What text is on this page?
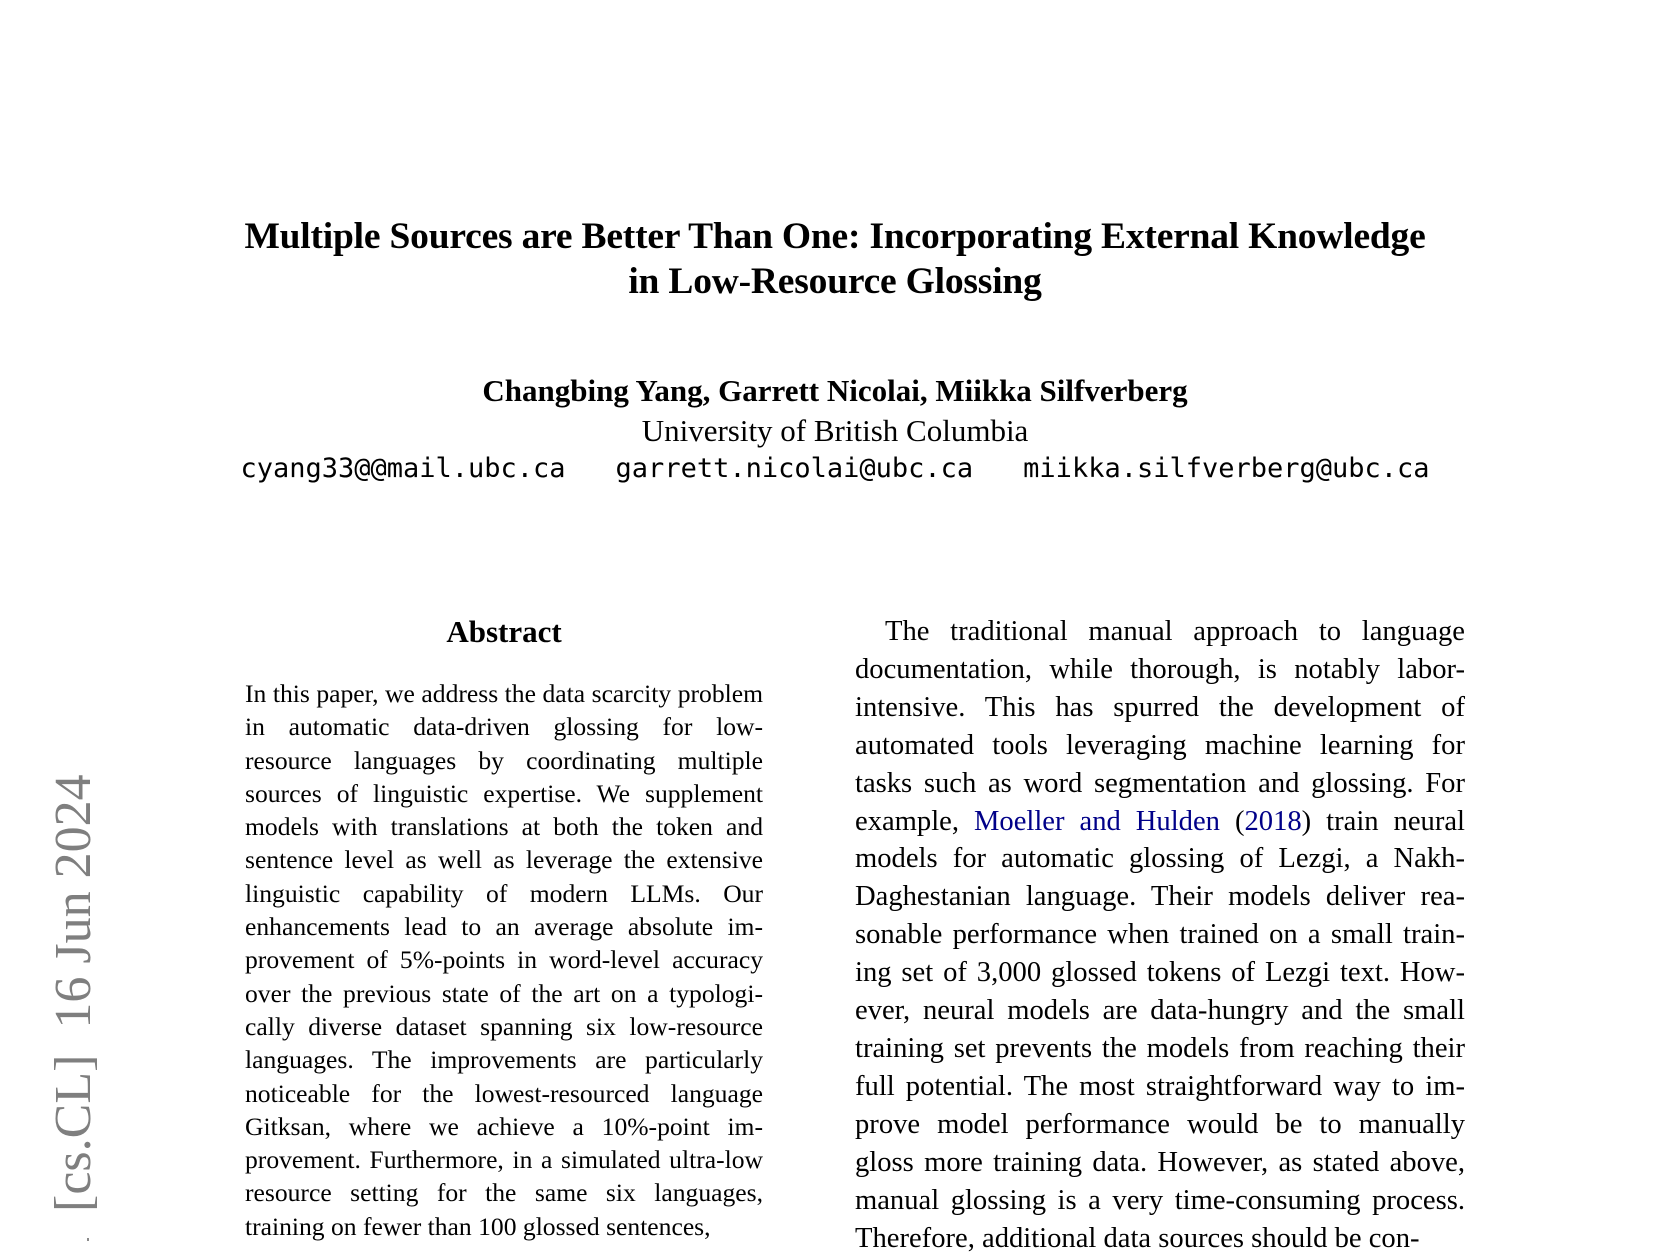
[cs.CL]  16 Jun 2024
Multiple Sources are Better Than One: Incorporating External Knowledge
in Low-Resource Glossing
Changbing Yang, Garrett Nicolai, Miikka Silfverberg
University of British Columbia
cyang33@@mail.ubc.ca garrett.nicolai@ubc.ca miikka.silfverberg@ubc.ca
Abstract
In this paper, we address the data scarcity problem in automatic data-driven glossing for low-resource languages by coordinating multiple sources of linguistic expertise. We supplement models with translations at both the token and sentence level as well as leverage the extensive linguistic capability of modern LLMs. Our enhancements lead to an average absolute improvement of 5%-points in word-level accuracy over the previous state of the art on a typologically diverse dataset spanning six low-resource languages. The improvements are particularly noticeable for the lowest-resourced language Gitksan, where we achieve a 10%-point improvement. Furthermore, in a simulated ultra-low resource setting for the same six languages, training on fewer than 100 glossed sentences,
The traditional manual approach to language documentation, while thorough, is notably labor-intensive. This has spurred the development of automated tools leveraging machine learning for tasks such as word segmentation and glossing. For example, Moeller and Hulden (2018) train neural models for automatic glossing of Lezgi, a Nakh-Daghestanian language. Their models deliver reasonable performance when trained on a small training set of 3,000 glossed tokens of Lezgi text. However, neural models are data-hungry and the small training set prevents the models from reaching their full potential. The most straightforward way to improve model performance would be to manually gloss more training data. However, as stated above, manual glossing is a very time-consuming process. Therefore, additional data sources should be con-
